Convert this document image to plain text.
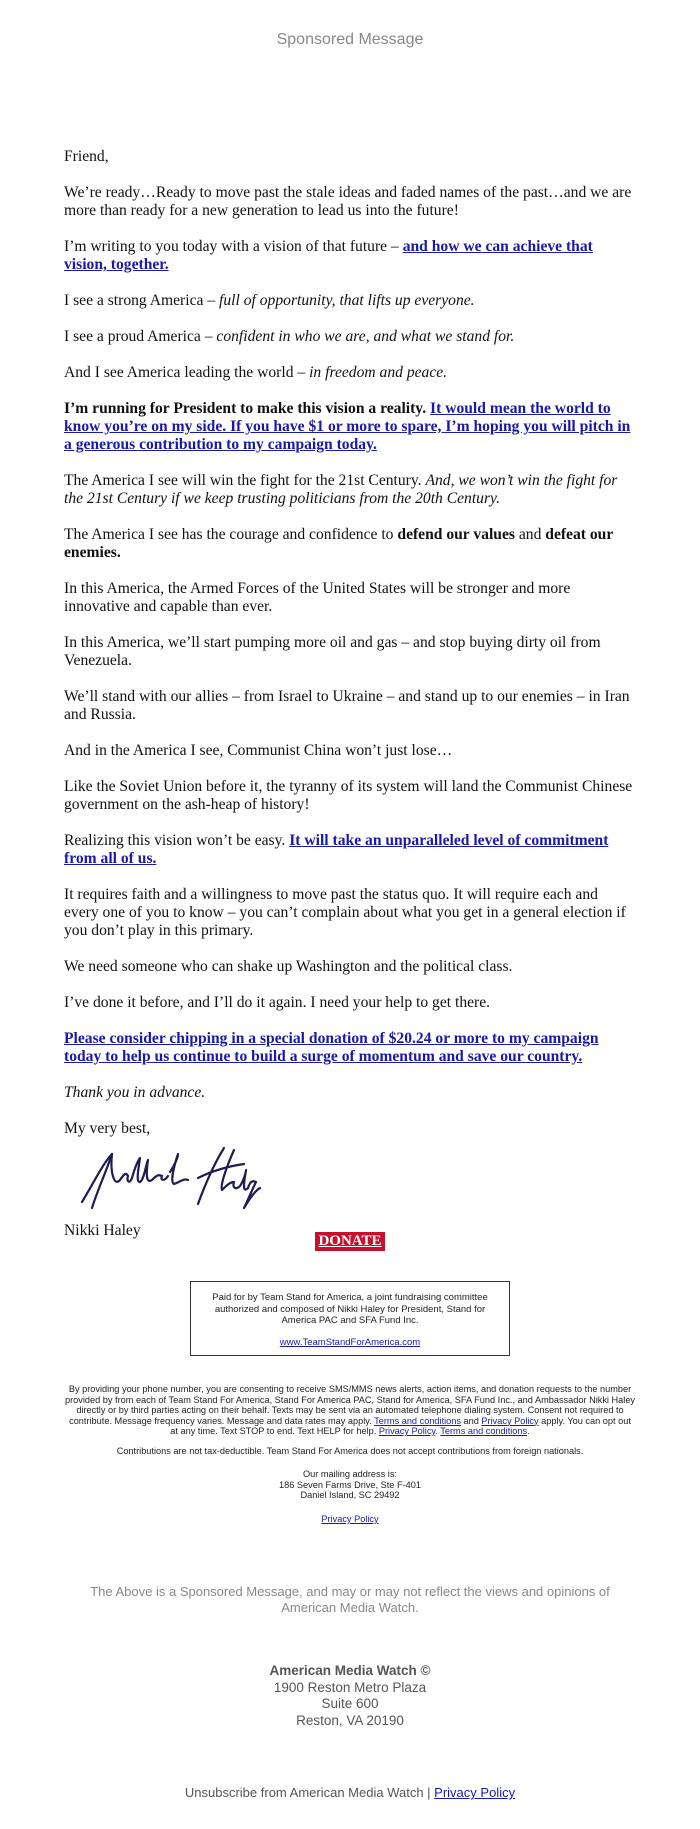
Sponsored Message

Friend,

We’re ready…Ready to move past the stale ideas and faded names of the past…and we are more than ready for a new generation to lead us into the future!

I’m writing to you today with a vision of that future – and how we can achieve that vision, together.

I see a strong America – full of opportunity, that lifts up everyone.

I see a proud America – confident in who we are, and what we stand for.

And I see America leading the world – in freedom and peace.

I’m running for President to make this vision a reality. It would mean the world to know you’re on my side. If you have $1 or more to spare, I’m hoping you will pitch in a generous contribution to my campaign today.

The America I see will win the fight for the 21st Century. And, we won’t win the fight for the 21st Century if we keep trusting politicians from the 20th Century.

The America I see has the courage and confidence to defend our values and defeat our enemies.

In this America, the Armed Forces of the United States will be stronger and more innovative and capable than ever.

In this America, we’ll start pumping more oil and gas – and stop buying dirty oil from Venezuela.

We’ll stand with our allies – from Israel to Ukraine – and stand up to our enemies – in Iran and Russia.

And in the America I see, Communist China won’t just lose…

Like the Soviet Union before it, the tyranny of its system will land the Communist Chinese government on the ash-heap of history!

Realizing this vision won’t be easy. It will take an unparalleled level of commitment from all of us.

It requires faith and a willingness to move past the status quo. It will require each and every one of you to know – you can’t complain about what you get in a general election if you don’t play in this primary.

We need someone who can shake up Washington and the political class.

I’ve done it before, and I’ll do it again. I need your help to get there.

Please consider chipping in a special donation of $20.24 or more to my campaign today to help us continue to build a surge of momentum and save our country.

Thank you in advance.

My very best,

Nikki R. Haley

Nikki Haley

DONATE
Paid for by Team Stand for America, a joint fundraising committee authorized and composed of Nikki Haley for President, Stand for America PAC and SFA Fund Inc.
www.TeamStandForAmerica.com
By providing your phone number, you are consenting to receive SMS/MMS news alerts, action items, and donation requests to the number provided by from each of Team Stand For America, Stand For America PAC, Stand for America, SFA Fund Inc., and Ambassador Nikki Haley directly or by third parties acting on their behalf. Texts may be sent via an automated telephone dialing system. Consent not required to contribute. Message frequency varies. Message and data rates may apply. Terms and conditions and Privacy Policy apply. You can opt out at any time. Text STOP to end. Text HELP for help. Privacy Policy. Terms and conditions.
Contributions are not tax-deductible. Team Stand For America does not accept contributions from foreign nationals.
Our mailing address is:
186 Seven Farms Drive, Ste F-401
Daniel Island, SC 29492
Privacy Policy
The Above is a Sponsored Message, and may or may not reflect the views and opinions of American Media Watch.
American Media Watch ©
1900 Reston Metro Plaza
Suite 600
Reston, VA 20190
Unsubscribe from American Media Watch | Privacy Policy
